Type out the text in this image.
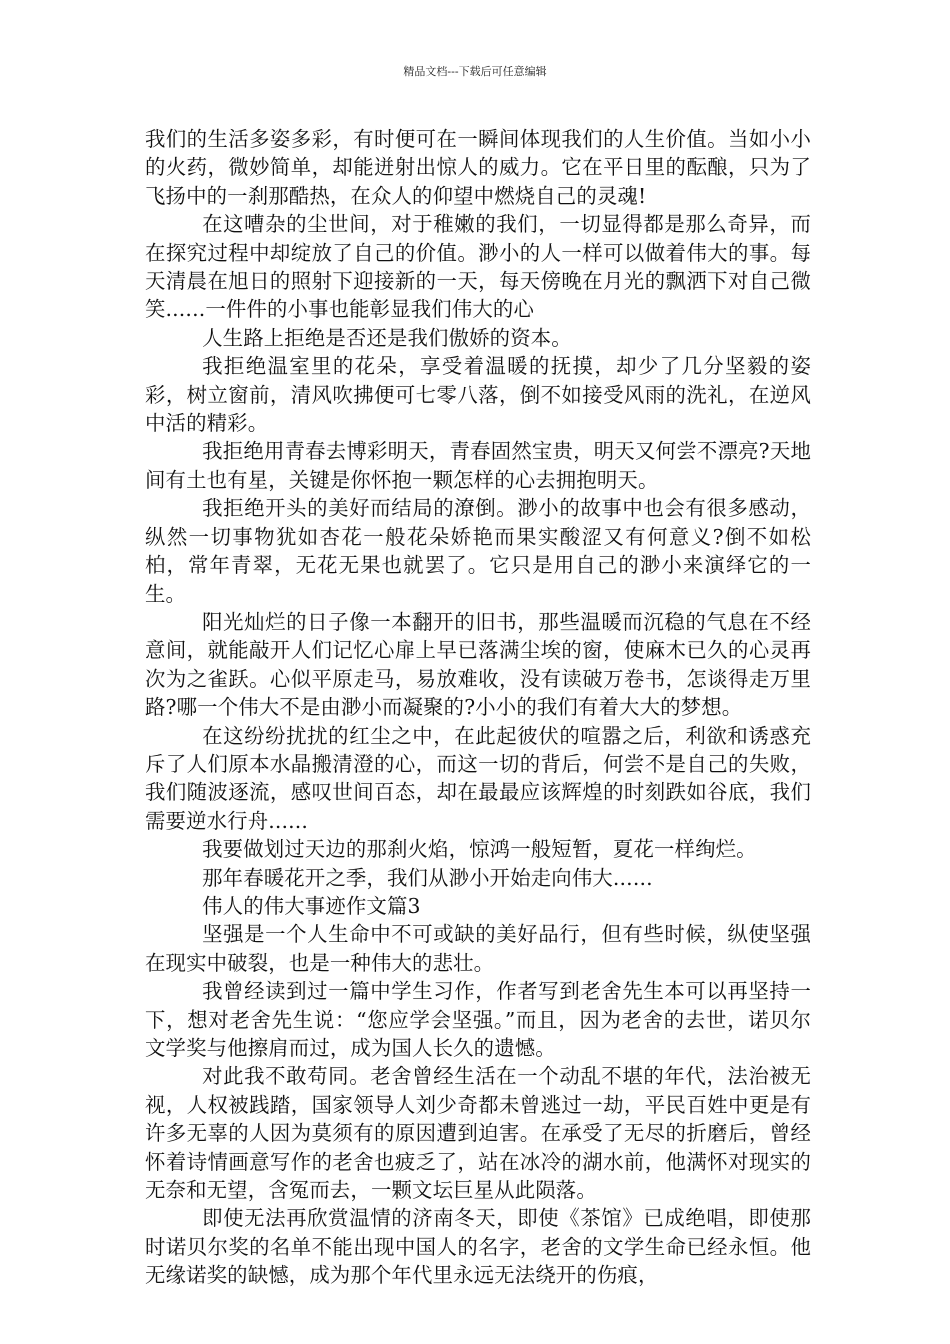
精品文档---下载后可任意编辑

我们的生活多姿多彩，有时便可在一瞬间体现我们的人生价值。当如小小的火药，微妙简单，却能迸射出惊人的威力。它在平日里的酝酿，只为了飞扬中的一刹那酷热，在众人的仰望中燃烧自己的灵魂!

在这嘈杂的尘世间，对于稚嫩的我们，一切显得都是那么奇异，而在探究过程中却绽放了自己的价值。渺小的人一样可以做着伟大的事。每天清晨在旭日的照射下迎接新的一天，每天傍晚在月光的飘洒下对自己微笑......一件件的小事也能彰显我们伟大的心

人生路上拒绝是否还是我们傲娇的资本。

我拒绝温室里的花朵，享受着温暖的抚摸，却少了几分坚毅的姿彩，树立窗前，清风吹拂便可七零八落，倒不如接受风雨的洗礼，在逆风中活的精彩。

我拒绝用青春去博彩明天，青春固然宝贵，明天又何尝不漂亮?天地间有土也有星，关键是你怀抱一颗怎样的心去拥抱明天。

我拒绝开头的美好而结局的潦倒。渺小的故事中也会有很多感动，纵然一切事物犹如杏花一般花朵娇艳而果实酸涩又有何意义?倒不如松柏，常年青翠，无花无果也就罢了。它只是用自己的渺小来演绎它的一生。

阳光灿烂的日子像一本翻开的旧书，那些温暖而沉稳的气息在不经意间，就能敲开人们记忆心扉上早已落满尘埃的窗，使麻木已久的心灵再次为之雀跃。心似平原走马，易放难收，没有读破万卷书，怎谈得走万里路?哪一个伟大不是由渺小而凝聚的?小小的我们有着大大的梦想。

在这纷纷扰扰的红尘之中，在此起彼伏的喧嚣之后，利欲和诱惑充斥了人们原本水晶搬清澄的心，而这一切的背后，何尝不是自己的失败，我们随波逐流，感叹世间百态，却在最最应该辉煌的时刻跌如谷底，我们需要逆水行舟......

我要做划过天边的那刹火焰，惊鸿一般短暂，夏花一样绚烂。

那年春暖花开之季，我们从渺小开始走向伟大......

伟人的伟大事迹作文篇3

坚强是一个人生命中不可或缺的美好品行，但有些时候，纵使坚强在现实中破裂，也是一种伟大的悲壮。

我曾经读到过一篇中学生习作，作者写到老舍先生本可以再坚持一下，想对老舍先生说：“您应学会坚强。”而且，因为老舍的去世，诺贝尔文学奖与他擦肩而过，成为国人长久的遗憾。

对此我不敢苟同。老舍曾经生活在一个动乱不堪的年代，法治被无视，人权被践踏，国家领导人刘少奇都未曾逃过一劫，平民百姓中更是有许多无辜的人因为莫须有的原因遭到迫害。在承受了无尽的折磨后，曾经怀着诗情画意写作的老舍也疲乏了，站在冰冷的湖水前，他满怀对现实的无奈和无望，含冤而去，一颗文坛巨星从此陨落。

即使无法再欣赏温情的济南冬天，即使《茶馆》已成绝唱，即使那时诺贝尔奖的名单不能出现中国人的名字，老舍的文学生命已经永恒。他无缘诺奖的缺憾，成为那个年代里永远无法绕开的伤痕，
